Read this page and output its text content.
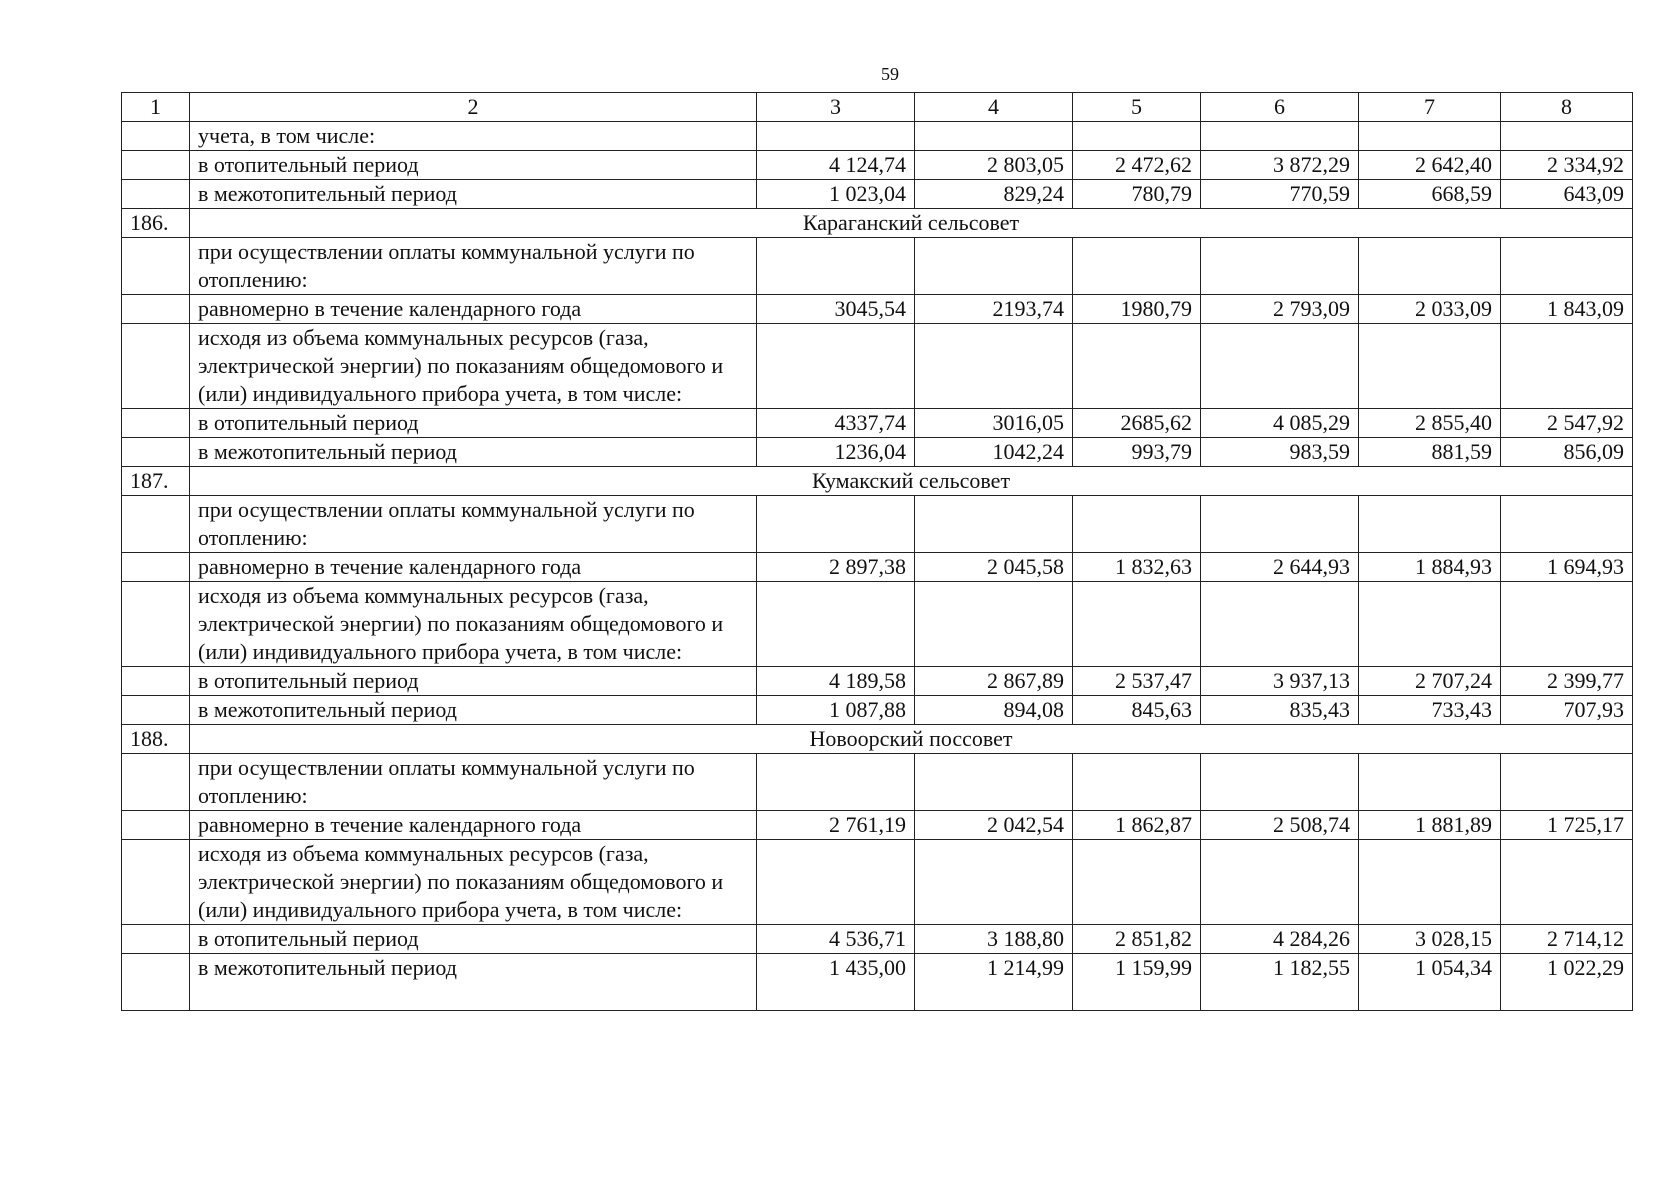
59
1	2	3	4	5	6	7	8
	учета, в том числе:						
	в отопительный период	4 124,74	2 803,05	2 472,62	3 872,29	2 642,40	2 334,92
	в межотопительный период	1 023,04	829,24	780,79	770,59	668,59	643,09
186.	Караганский сельсовет						
	при осуществлении оплаты коммунальной услуги по отоплению:						
	равномерно в течение календарного года	3045,54	2193,74	1980,79	2 793,09	2 033,09	1 843,09
	исходя из объема коммунальных ресурсов (газа, электрической энергии) по показаниям общедомового и (или) индивидуального прибора учета, в том числе:						
	в отопительный период	4337,74	3016,05	2685,62	4 085,29	2 855,40	2 547,92
	в межотопительный период	1236,04	1042,24	993,79	983,59	881,59	856,09
187.	Кумакский сельсовет						
	при осуществлении оплаты коммунальной услуги по отоплению:						
	равномерно в течение календарного года	2 897,38	2 045,58	1 832,63	2 644,93	1 884,93	1 694,93
	исходя из объема коммунальных ресурсов (газа, электрической энергии) по показаниям общедомового и (или) индивидуального прибора учета, в том числе:						
	в отопительный период	4 189,58	2 867,89	2 537,47	3 937,13	2 707,24	2 399,77
	в межотопительный период	1 087,88	894,08	845,63	835,43	733,43	707,93
188.	Новоорский поссовет						
	при осуществлении оплаты коммунальной услуги по отоплению:						
	равномерно в течение календарного года	2 761,19	2 042,54	1 862,87	2 508,74	1 881,89	1 725,17
	исходя из объема коммунальных ресурсов (газа, электрической энергии) по показаниям общедомового и (или) индивидуального прибора учета, в том числе:						
	в отопительный период	4 536,71	3 188,80	2 851,82	4 284,26	3 028,15	2 714,12
	в межотопительный период	1 435,00	1 214,99	1 159,99	1 182,55	1 054,34	1 022,29
